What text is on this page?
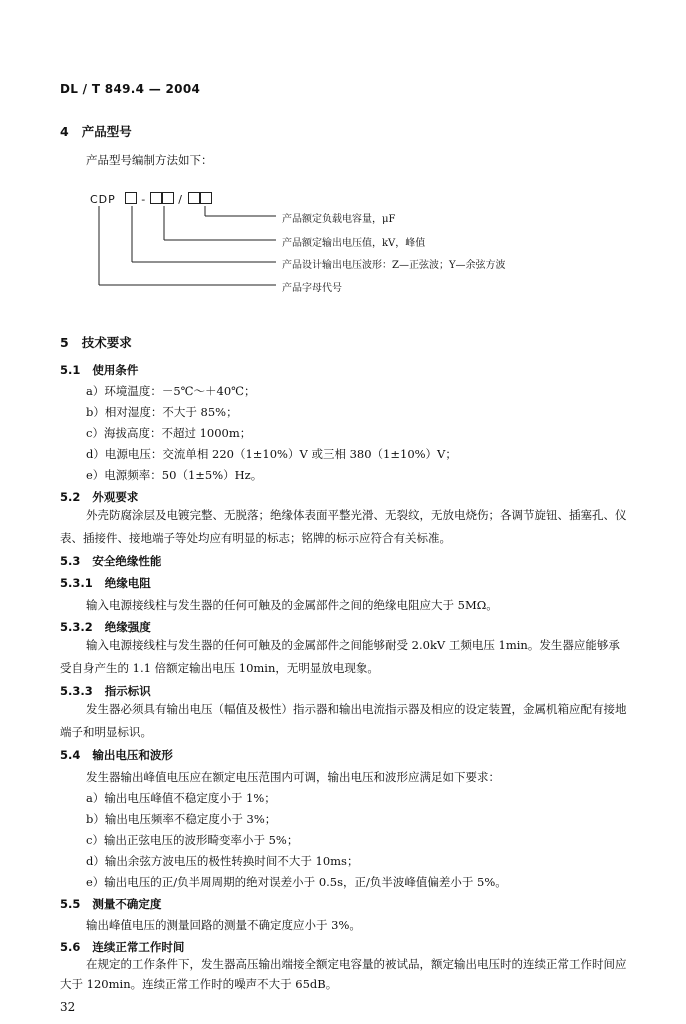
DL / T 849.4 — 2004
4 产品型号
产品型号编制方法如下：
CDP -	/
产品额定负载电容量，μF
产品额定输出电压值，kV，峰值
产品设计输出电压波形：Z—正弦波；Y—余弦方波
产品字母代号
5 技术要求
5.1 使用条件
a）环境温度：－5℃～＋40℃；
b）相对湿度：不大于 85%；
c）海拔高度：不超过 1000m；
d）电源电压：交流单相 220（1±10%）V 或三相 380（1±10%）V；
e）电源频率：50（1±5%）Hz。
5.2 外观要求
外壳防腐涂层及电镀完整、无脱落；绝缘体表面平整光滑、无裂纹，无放电烧伤；各调节旋钮、插塞孔、仪表、插接件、接地端子等处均应有明显的标志；铭牌的标示应符合有关标准。
5.3 安全绝缘性能
5.3.1 绝缘电阻
输入电源接线柱与发生器的任何可触及的金属部件之间的绝缘电阻应大于 5MΩ。
5.3.2 绝缘强度
输入电源接线柱与发生器的任何可触及的金属部件之间能够耐受 2.0kV 工频电压 1min。发生器应能够承受自身产生的 1.1 倍额定输出电压 10min，无明显放电现象。
5.3.3 指示标识
发生器必须具有输出电压（幅值及极性）指示器和输出电流指示器及相应的设定装置，金属机箱应配有接地端子和明显标识。
5.4 输出电压和波形
发生器输出峰值电压应在额定电压范围内可调，输出电压和波形应满足如下要求：
a）输出电压峰值不稳定度小于 1%；
b）输出电压频率不稳定度小于 3%；
c）输出正弦电压的波形畸变率小于 5%；
d）输出余弦方波电压的极性转换时间不大于 10ms；
e）输出电压的正/负半周周期的绝对误差小于 0.5s，正/负半波峰值偏差小于 5%。
5.5 测量不确定度
输出峰值电压的测量回路的测量不确定度应小于 3%。
5.6 连续正常工作时间
在规定的工作条件下，发生器高压输出端接全额定电容量的被试品，额定输出电压时的连续正常工作时间应大于 120min。连续正常工作时的噪声不大于 65dB。
32
